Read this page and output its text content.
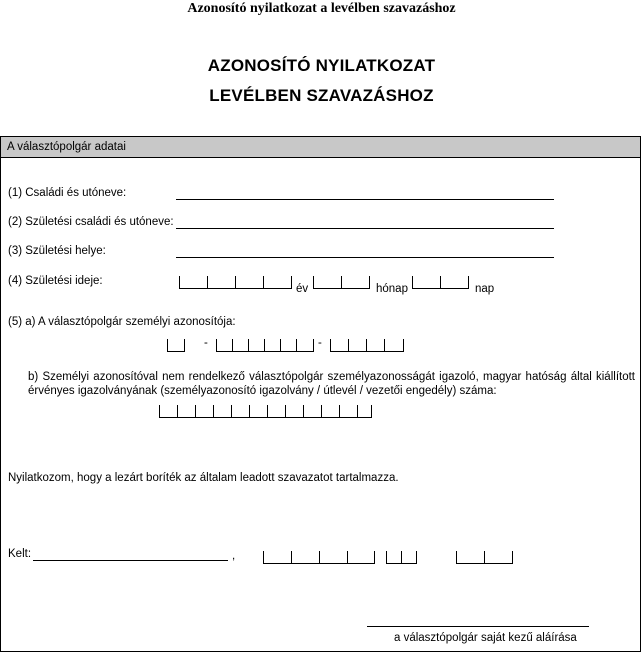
Azonosító nyilatkozat a levélben szavazáshoz
AZONOSÍTÓ NYILATKOZAT
LEVÉLBEN SZAVAZÁSHOZ
A választópolgár adatai
(1) Családi és utóneve:
(2) Születési családi és utóneve:
(3) Születési helye:
(4) Születési ideje:
év	hónap	nap
(5) a) A választópolgár személyi azonosítója:
-	-
b) Személyi azonosítóval nem rendelkező választópolgár személyazonosságát igazoló, magyar hatóság által kiállított érvényes igazolványának (személyazonosító igazolvány / útlevél / vezetői engedély) száma:
Nyilatkozom, hogy a lezárt boríték az általam leadott szavazatot tartalmazza.
Kelt:	,
a választópolgár saját kezű aláírása
